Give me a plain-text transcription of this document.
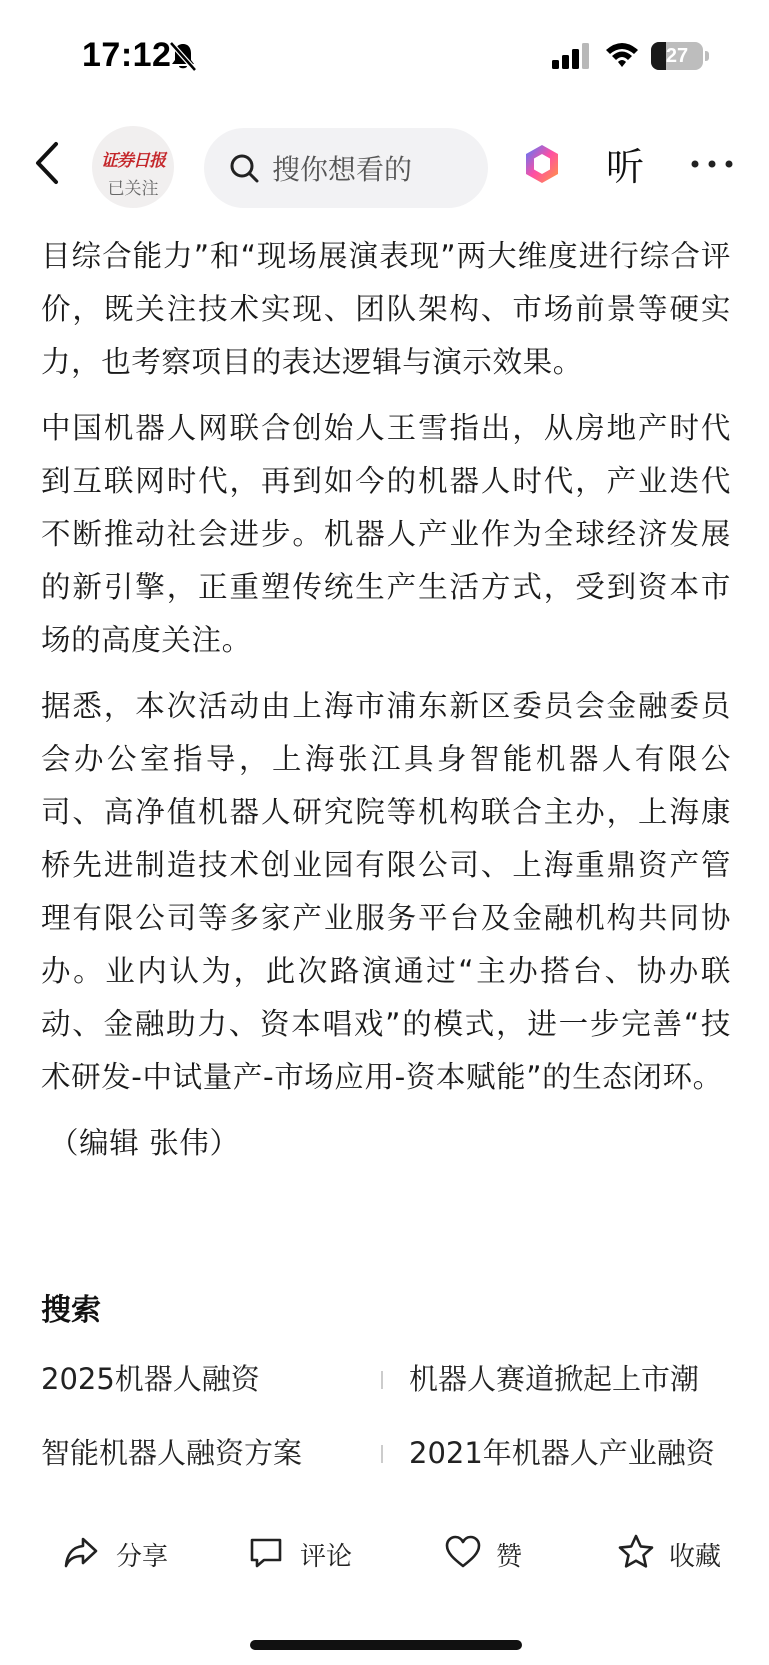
17:12	27
证券日报
已关注
搜你想看的	听

目综合能力”和“现场展演表现”两大维度进行综合评价，既关注技术实现、团队架构、市场前景等硬实力，也考察项目的表达逻辑与演示效果。

中国机器人网联合创始人王雪指出，从房地产时代到互联网时代，再到如今的机器人时代，产业迭代不断推动社会进步。机器人产业作为全球经济发展的新引擎，正重塑传统生产生活方式，受到资本市场的高度关注。

据悉，本次活动由上海市浦东新区委员会金融委员会办公室指导，上海张江具身智能机器人有限公司、高净值机器人研究院等机构联合主办，上海康桥先进制造技术创业园有限公司、上海重鼎资产管理有限公司等多家产业服务平台及金融机构共同协办。业内认为，此次路演通过“主办搭台、协办联动、金融助力、资本唱戏”的模式，进一步完善“技术研发-中试量产-市场应用-资本赋能”的生态闭环。

（编辑 张伟）

搜索
2025机器人融资	机器人赛道掀起上市潮
智能机器人融资方案	2021年机器人产业融资
分享	评论	赞	收藏
